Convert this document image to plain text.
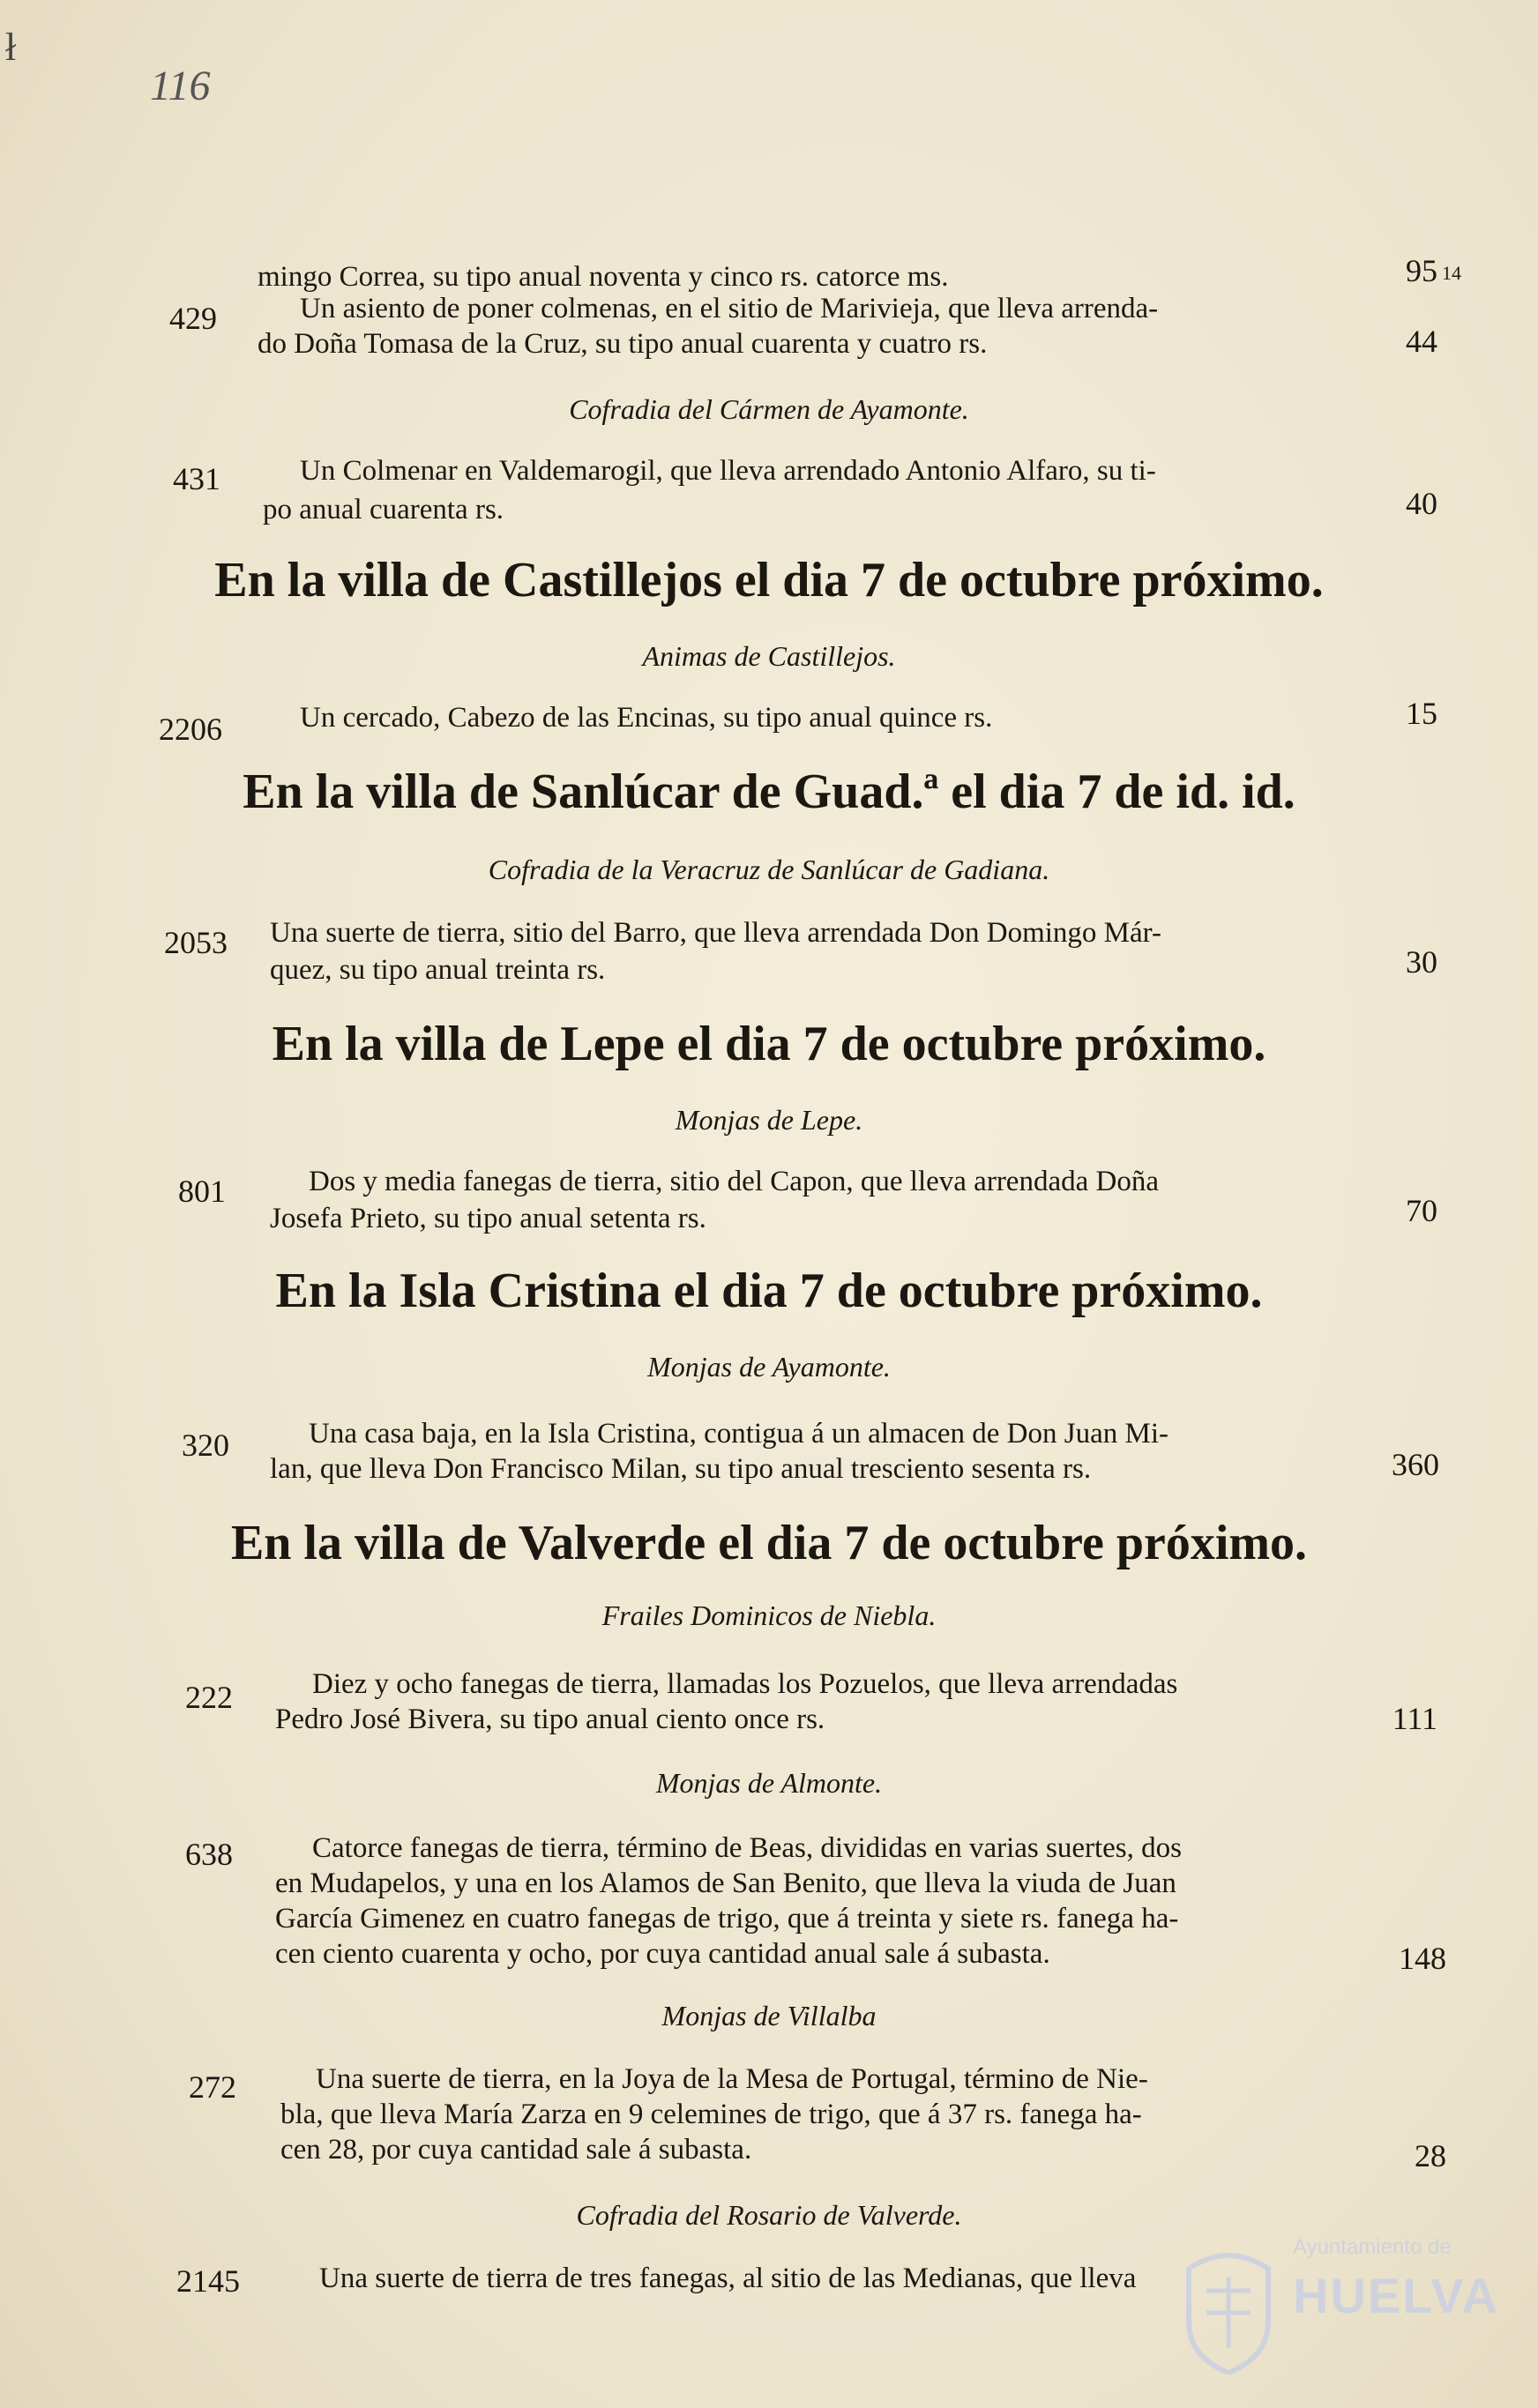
ł
116
mingo Correa, su tipo anual noventa y cinco rs. catorce ms.	95 14
429	Un asiento de poner colmenas, en el sitio de Marivieja, que lleva arrenda-
do Doña Tomasa de la Cruz, su tipo anual cuarenta y cuatro rs.	44
Cofradia del Cármen de Ayamonte.
431	Un Colmenar en Valdemarogil, que lleva arrendado Antonio Alfaro, su ti-
po anual cuarenta rs.	40
En la villa de Castillejos el dia 7 de octubre próximo.
Animas de Castillejos.
2206	Un cercado, Cabezo de las Encinas, su tipo anual quince rs.	15
En la villa de Sanlúcar de Guad.ª el dia 7 de id. id.
Cofradia de la Veracruz de Sanlúcar de Gadiana.
2053 Una suerte de tierra, sitio del Barro, que lleva arrendada Don Domingo Már-
quez, su tipo anual treinta rs.	30
En la villa de Lepe el dia 7 de octubre próximo.
Monjas de Lepe.
801	Dos y media fanegas de tierra, sitio del Capon, que lleva arrendada Doña
Josefa Prieto, su tipo anual setenta rs.	70
En la Isla Cristina el dia 7 de octubre próximo.
Monjas de Ayamonte.
320	Una casa baja, en la Isla Cristina, contigua á un almacen de Don Juan Mi-
lan, que lleva Don Francisco Milan, su tipo anual tresciento sesenta rs.	360
En la villa de Valverde el dia 7 de octubre próximo.
Frailes Dominicos de Niebla.
222	Diez y ocho fanegas de tierra, llamadas los Pozuelos, que lleva arrendadas
Pedro José Bivera, su tipo anual ciento once rs.	111
Monjas de Almonte.
638	Catorce fanegas de tierra, término de Beas, divididas en varias suertes, dos
en Mudapelos, y una en los Alamos de San Benito, que lleva la viuda de Juan
García Gimenez en cuatro fanegas de trigo, que á treinta y siete rs. fanega ha-
cen ciento cuarenta y ocho, por cuya cantidad anual sale á subasta.	148
Monjas de Villalba
272	Una suerte de tierra, en la Joya de la Mesa de Portugal, término de Nie-
bla, que lleva María Zarza en 9 celemines de trigo, que á 37 rs. fanega ha-
cen 28, por cuya cantidad sale á subasta.	28
Cofradia del Rosario de Valverde.
2145	Una suerte de tierra de tres fanegas, al sitio de las Medianas, que lleva
Ayuntamiento de
HUELVA
